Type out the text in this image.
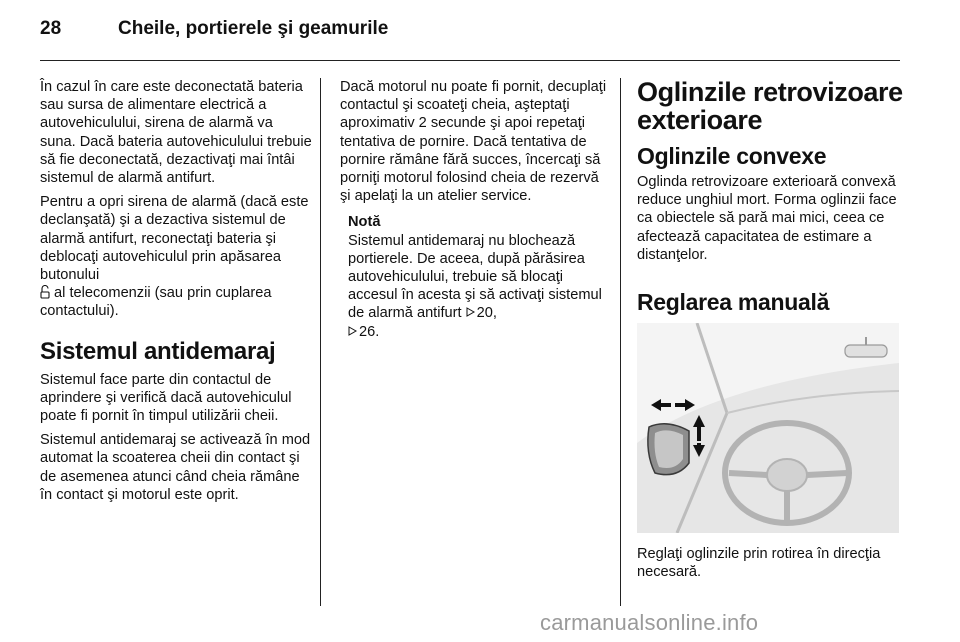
28	Cheile, portierele şi geamurile

În cazul în care este deconectată bateria sau sursa de alimentare electrică a autovehiculului, sirena de alarmă va suna. Dacă bateria autovehiculului trebuie să fie deconectată, dezactivaţi mai întâi sistemul de alarmă antifurt.

Pentru a opri sirena de alarmă (dacă este declanşată) şi a dezactiva sistemul de alarmă antifurt, reconectaţi bateria şi deblocaţi autovehiculul prin apăsarea butonului
al telecomenzii (sau prin cuplarea contactului).

Sistemul antidemaraj

Sistemul face parte din contactul de aprindere şi verifică dacă autovehiculul poate fi pornit în timpul utilizării cheii.

Sistemul antidemaraj se activează în mod automat la scoaterea cheii din contact şi de asemenea atunci când cheia rămâne în contact şi motorul este oprit.

Dacă motorul nu poate fi pornit, decuplaţi contactul şi scoateţi cheia, aşteptaţi aproximativ 2 secunde şi apoi repetaţi tentativa de pornire. Dacă tentativa de pornire rămâne fără succes, încercaţi să porniţi motorul folosind cheia de rezervă şi apelaţi la un atelier service.

Notă
Sistemul antidemaraj nu blochează portierele. De aceea, după părăsirea autovehiculului, trebuie să blocaţi accesul în acesta şi să activaţi sistemul de alarmă antifurt 20,
26.
Oglinzile retrovizoare exterioare
Oglinzile convexe

Oglinda retrovizoare exterioară convexă reduce unghiul mort. Forma oglinzii face ca obiectele să pară mai mici, ceea ce afectează capacitatea de estimare a distanţelor.

Reglarea manuală

Reglaţi oglinzile prin rotirea în direcţia necesară.

carmanualsonline.info
